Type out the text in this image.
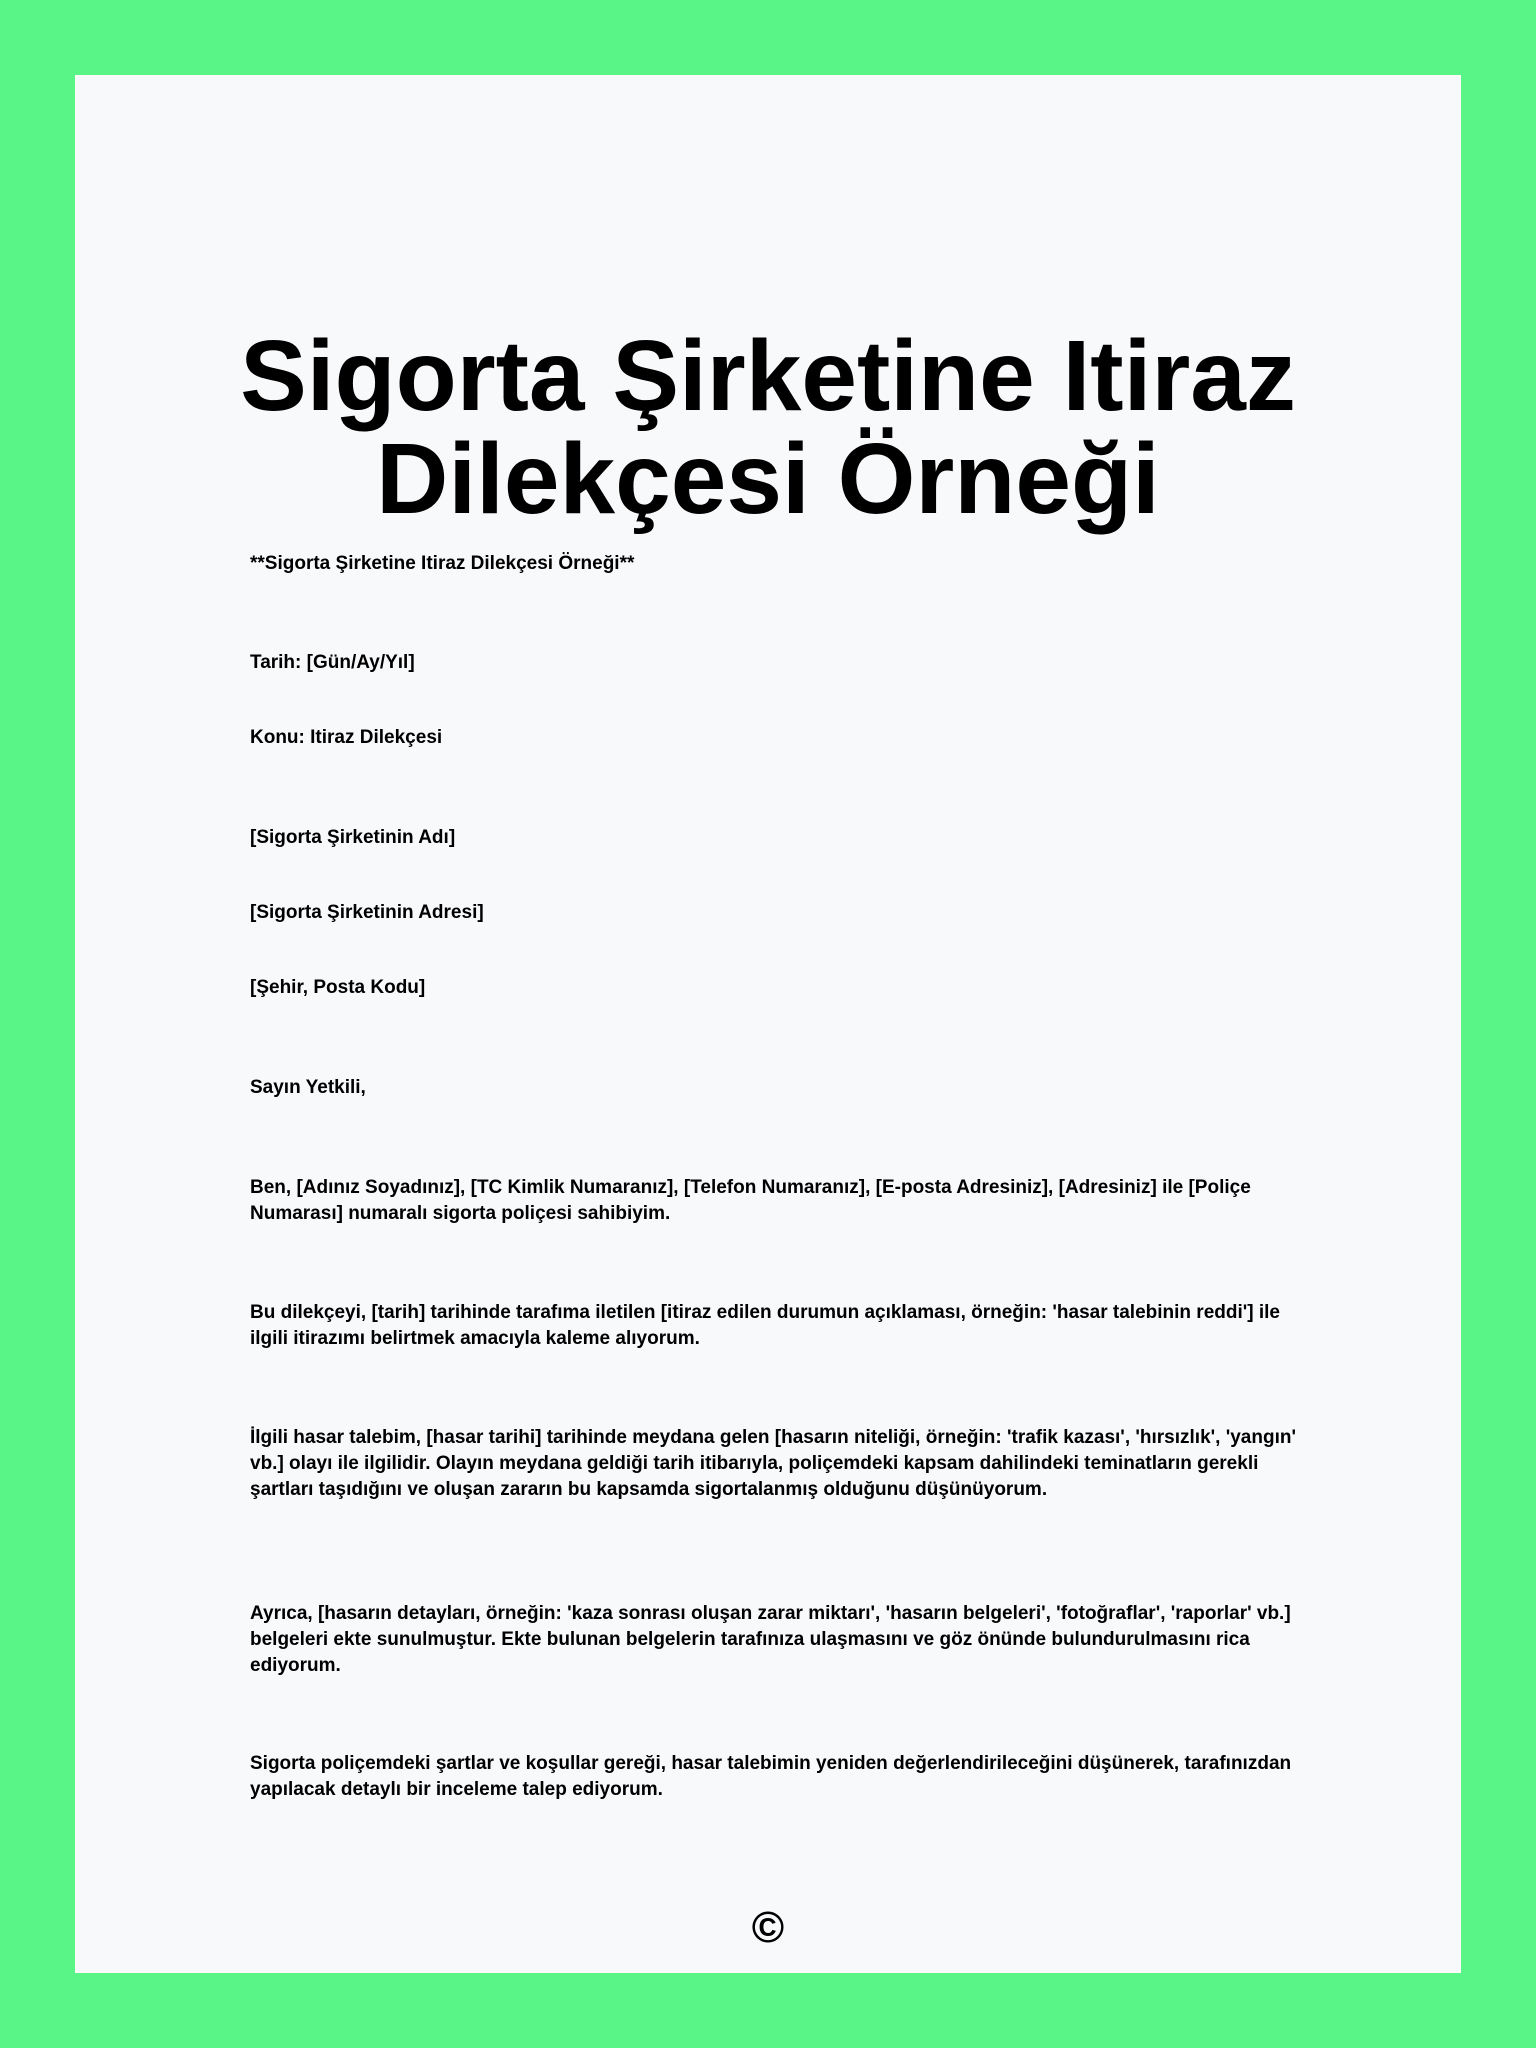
Sigorta Şirketine Itiraz
Dilekçesi Örneği

**Sigorta Şirketine Itiraz Dilekçesi Örneği**

Tarih: [Gün/Ay/Yıl]

Konu: Itiraz Dilekçesi

[Sigorta Şirketinin Adı]

[Sigorta Şirketinin Adresi]

[Şehir, Posta Kodu]

Sayın Yetkili,

Ben, [Adınız Soyadınız], [TC Kimlik Numaranız], [Telefon Numaranız], [E-posta Adresiniz], [Adresiniz] ile [Poliçe Numarası] numaralı sigorta poliçesi sahibiyim.

Bu dilekçeyi, [tarih] tarihinde tarafıma iletilen [itiraz edilen durumun açıklaması, örneğin: 'hasar talebinin reddi'] ile ilgili itirazımı belirtmek amacıyla kaleme alıyorum.

İlgili hasar talebim, [hasar tarihi] tarihinde meydana gelen [hasarın niteliği, örneğin: 'trafik kazası', 'hırsızlık', 'yangın' vb.] olayı ile ilgilidir. Olayın meydana geldiği tarih itibarıyla, poliçemdeki kapsam dahilindeki teminatların gerekli şartları taşıdığını ve oluşan zararın bu kapsamda sigortalanmış olduğunu düşünüyorum.

Ayrıca, [hasarın detayları, örneğin: 'kaza sonrası oluşan zarar miktarı', 'hasarın belgeleri', 'fotoğraflar', 'raporlar' vb.] belgeleri ekte sunulmuştur. Ekte bulunan belgelerin tarafınıza ulaşmasını ve göz önünde bulundurulmasını rica ediyorum.

Sigorta poliçemdeki şartlar ve koşullar gereği, hasar talebimin yeniden değerlendirileceğini düşünerek, tarafınızdan yapılacak detaylı bir inceleme talep ediyorum.

©
